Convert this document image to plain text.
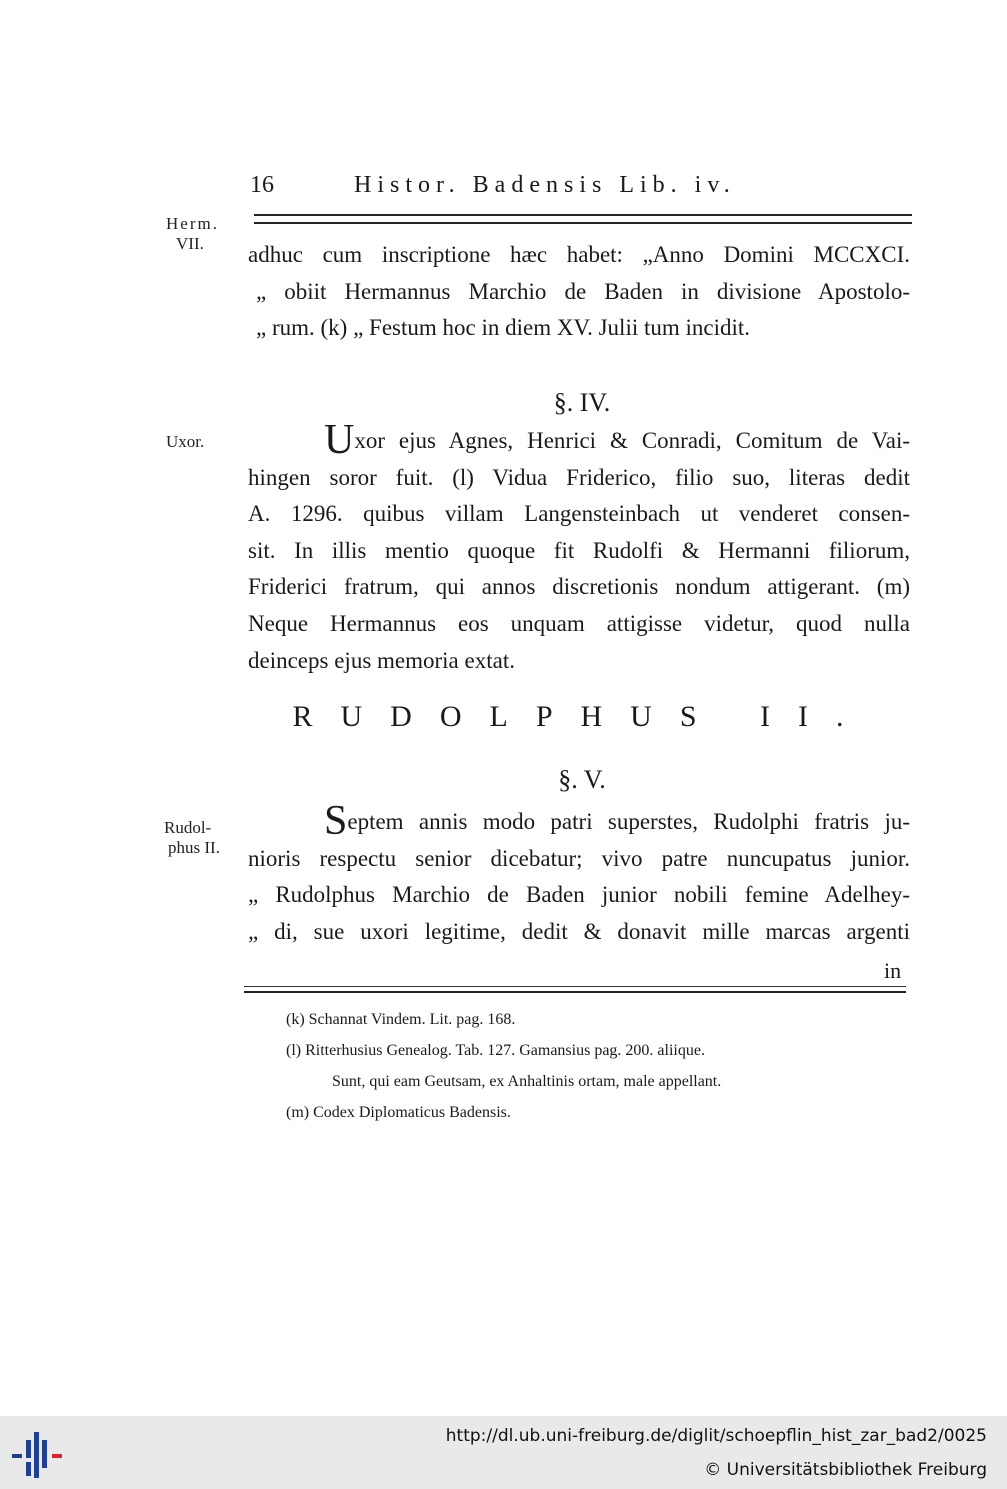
16	Histor. Badensis Lib. iv.
Herm.
VII. adhuc cum inscriptione hæc habet: „Anno Domini MCCXCI.
„ obiit Hermannus Marchio de Baden in divisione Apostolo-
„ rum. (k) „ Festum hoc in diem XV. Julii tum incidit.
§. IV.
Uxor.	Uxor ejus Agnes, Henrici & Conradi, Comitum de Vai-
hingen soror fuit. (l) Vidua Friderico, filio suo, literas dedit
A. 1296. quibus villam Langensteinbach ut venderet consen-
sit. In illis mentio quoque fit Rudolfi & Hermanni filiorum,
Friderici fratrum, qui annos discretionis nondum attigerant. (m)
Neque Hermannus eos unquam attigisse videtur, quod nulla
deinceps ejus memoria extat.
RUDOLPHUS II.
§. V.
Rudol-
phus II.
Septem annis modo patri superstes, Rudolphi fratris ju-
nioris respectu senior dicebatur; vivo patre nuncupatus junior.
„ Rudolphus Marchio de Baden junior nobili femine Adelhey-
„ di, sue uxori legitime, dedit & donavit mille marcas argenti
in
(k) Schannat Vindem. Lit. pag. 168.
(l) Ritterhusius Genealog. Tab. 127. Gamansius pag. 200. aliique.
Sunt, qui eam Geutsam, ex Anhaltinis ortam, male appellant.
(m) Codex Diplomaticus Badensis.
http://dl.ub.uni-freiburg.de/diglit/schoepflin_hist_zar_bad2/0025
© Universitätsbibliothek Freiburg
